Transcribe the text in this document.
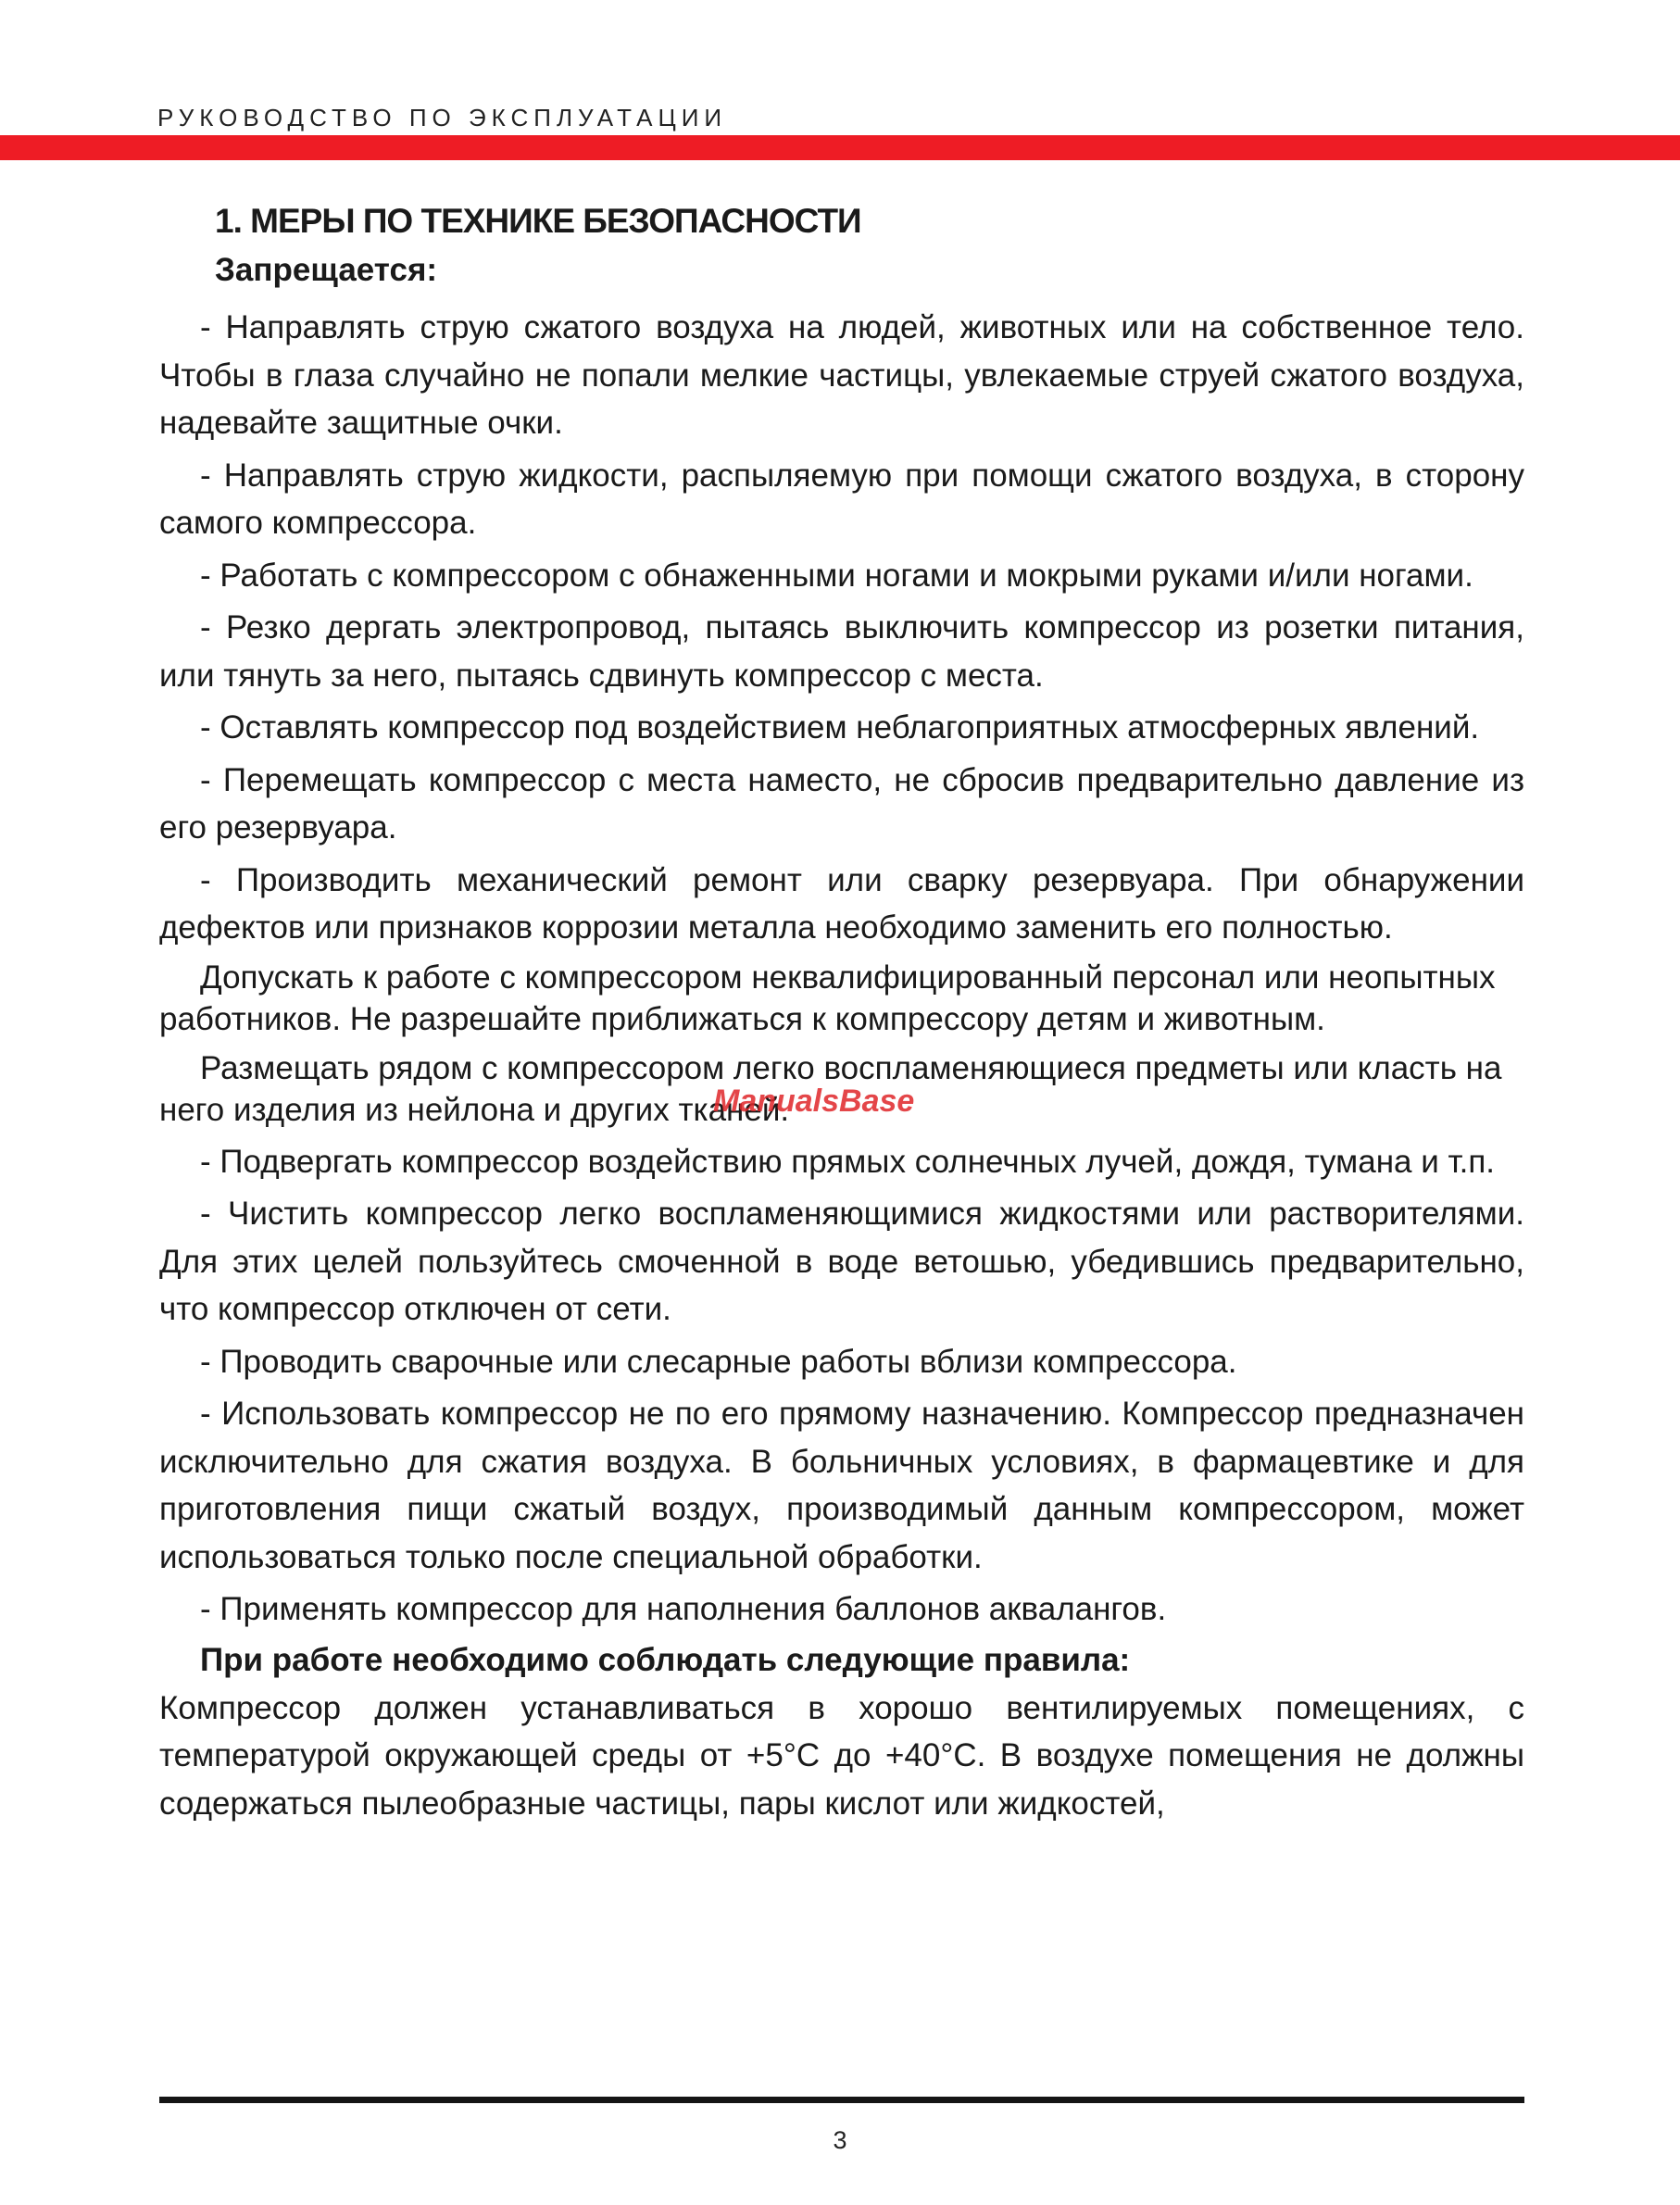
РУКОВОДСТВО ПО ЭКСПЛУАТАЦИИ
1. МЕРЫ ПО ТЕХНИКЕ БЕЗОПАСНОСТИ
Запрещается:

- Направлять струю сжатого воздуха на людей, животных или на собственное тело. Чтобы в глаза случайно не попали мелкие частицы, увлекаемые струей сжатого воздуха, надевайте защитные очки.

- Направлять струю жидкости, распыляемую при помощи сжатого воздуха, в сторону самого компрессора.

- Работать с компрессором с обнаженными ногами и мокрыми руками и/или ногами.

- Резко дергать электропровод, пытаясь выключить компрессор из розетки питания, или тянуть за него, пытаясь сдвинуть компрессор с места.

- Оставлять компрессор под воздействием неблагоприятных атмосферных явлений.

- Перемещать компрессор с места наместо, не сбросив предварительно давление из его резервуара.

- Производить механический ремонт или сварку резервуара. При обнаружении дефектов или признаков коррозии металла необходимо заменить его полностью.

Допускать к работе с компрессором неквалифицированный персонал или неопытных работников. Не разрешайте приближаться к компрессору детям и животным.

Размещать рядом с компрессором легко воспламеняющиеся предметы или класть на него изделия из нейлона и других тканей.

- Подвергать компрессор воздействию прямых солнечных лучей, дождя, тумана и т.п.

- Чистить компрессор легко воспламеняющимися жидкостями или растворителями. Для этих целей пользуйтесь смоченной в воде ветошью, убедившись предварительно, что компрессор отключен от сети.

- Проводить сварочные или слесарные работы вблизи компрессора.

- Использовать компрессор не по его прямому назначению. Компрессор предназначен исключительно для сжатия воздуха. В больничных условиях, в фармацевтике и для приготовления пищи сжатый воздух, производимый данным компрессором, может использоваться только после специальной обработки.

- Применять компрессор для наполнения баллонов аквалангов.

При работе необходимо соблюдать следующие правила:

Компрессор должен устанавливаться в хорошо вентилируемых помещениях, с температурой окружающей среды от +5°С до +40°С. В воздухе помещения не должны содержаться пылеобразные частицы, пары кислот или жидкостей,

ManualsBase
3
